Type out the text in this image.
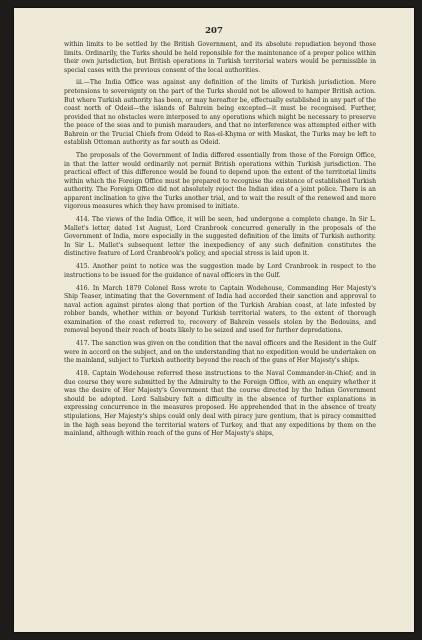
207

within limits to be settled by the British Government, and its absolute repudiation beyond those limits. Ordinarily, the Turks should be held reponsible for the maintenance of a proper police within their own jurisdiction, but British operations in Turkish territorial waters would be permissible in special cases with the previous consent of the local authorities.

iii.—The India Office was against any definition of the limits of Turkish jurisdiction. Mere pretensions to sovereignty on the part of the Turks should not be allowed to hamper British action. But where Turkish authority has been, or may hereafter be, effectually established in any part of the coast north of Odeid—the islands of Bahrein being excepted—it must be recognised. Further, provided that no obstacles were interposed to any operations which might be necessary to preserve the peace of the seas and to punish marauders, and that no interference was attempted either with Bahrein or the Trucial Chiefs from Odeid to Ras-el-Khyma or with Maskat, the Turks may be left to establish Ottoman authority as far south as Odeid.

The proposals of the Government of India differed essentially from those of the Foreign Office, in that the latter would ordinarily not permit British operations within Turkish jurisdiction. The practical effect of this difference would be found to depend upon the extent of the territorial limits within which the Foreign Office must be prepared to recognise the existence of established Turkish authority. The Foreign Office did not absolutely reject the Indian idea of a joint police. There is an apparent inclination to give the Turks another trial, and to wait the result of the renewed and more vigorous measures which they have promised to initiate.

414. The views of the India Office, it will be seen, had undergone a complete change. In Sir L. Mallet's letter, dated 1st August, Lord Cranbrook concurred generally in the proposals of the Government of India, more especially in the suggested definition of the limits of Turkish authority. In Sir L. Mallet's subsequent letter the inexpediency of any such definition constitutes the distinctive feature of Lord Cranbrook's policy, and special stress is laid upon it.

415. Another point to notice was the suggestion made by Lord Cranbrook in respect to the instructions to be issued for the guidance of naval officers in the Gulf.

416. In March 1879 Colonel Ross wrote to Captain Wodehouse, Commanding Her Majesty's Ship Teaser, intimating that the Government of India had accorded their sanction and approval to naval action against pirates along that portion of the Turkish Arabian coast, at late infested by robber bands, whether within or beyond Turkish territorial waters, to the extent of thorough examination of the coast referred to, recovery of Bahrein vessels stolen by the Bedouins, and removal beyond their reach of boats likely to be seized and used for further depredations.

417. The sanction was given on the condition that the naval officers and the Resident in the Gulf were in accord on the subject, and on the understanding that no expedition would be undertaken on the mainland, subject to Turkish authority beyond the reach of the guns of Her Majesty's ships.

418. Captain Wodehouse referred these instructions to the Naval Commander-in-Chief; and in due course they were submitted by the Admiralty to the Foreign Office, with an enquiry whether it was the desire of Her Majesty's Government that the course directed by the Indian Government should be adopted. Lord Salisbury felt a difficulty in the absence of further explanations in expressing concurrence in the measures proposed. He apprehended that in the absence of treaty stipulations, Her Majesty's ships could only deal with piracy jure gentium, that is piracy committed in the high seas beyond the territorial waters of Turkey, and that any expeditions by them on the mainland, although within reach of the guns of Her Majesty's ships,
